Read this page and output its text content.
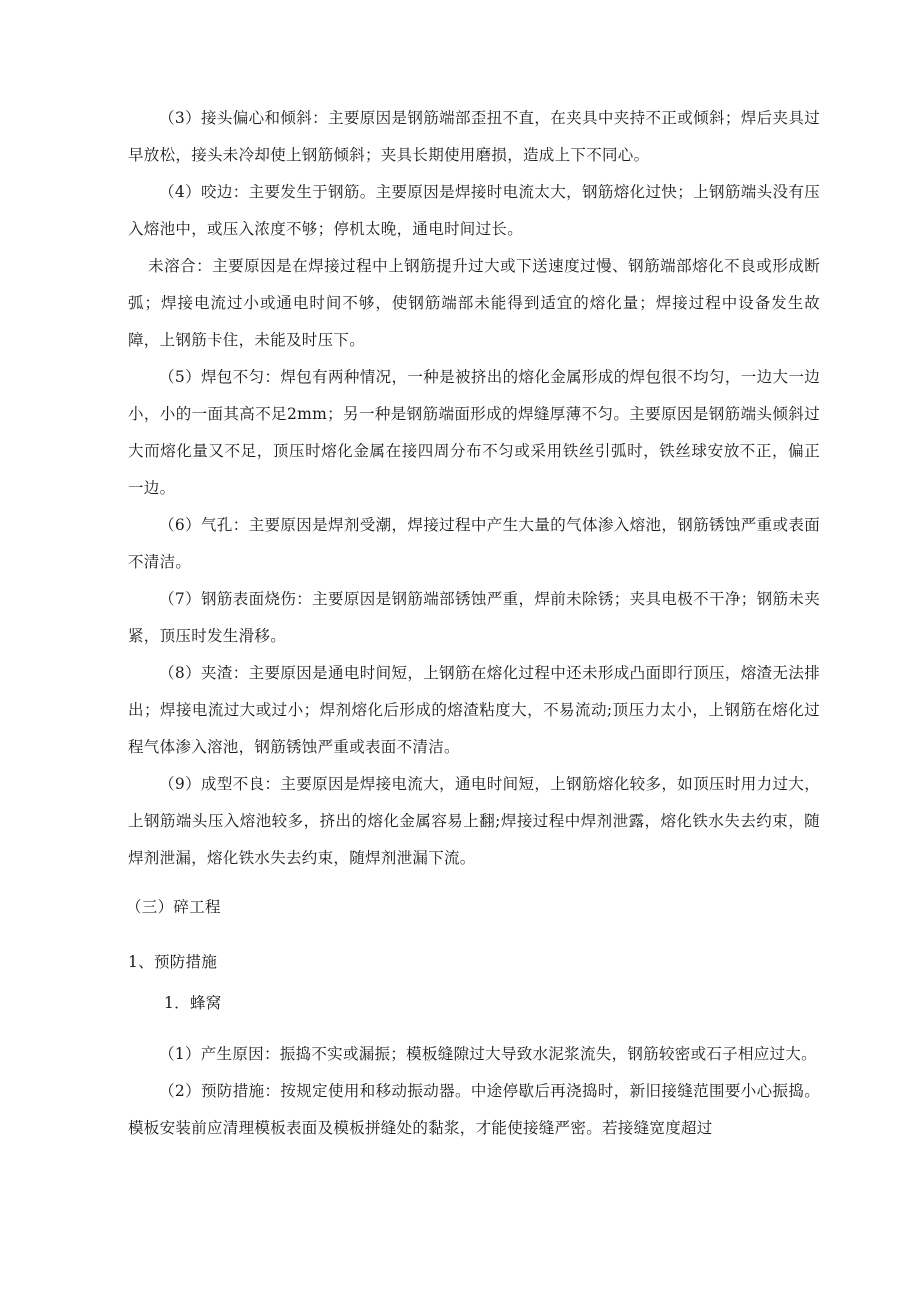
（3）接头偏心和倾斜：主要原因是钢筋端部歪扭不直，在夹具中夹持不正或倾斜；焊后夹具过早放松，接头未冷却使上钢筋倾斜；夹具长期使用磨损，造成上下不同心。

（4）咬边：主要发生于钢筋。主要原因是焊接时电流太大，钢筋熔化过快；上钢筋端头没有压入熔池中，或压入浓度不够；停机太晚，通电时间过长。

未溶合：主要原因是在焊接过程中上钢筋提升过大或下送速度过慢、钢筋端部熔化不良或形成断弧；焊接电流过小或通电时间不够，使钢筋端部未能得到适宜的熔化量；焊接过程中设备发生故障，上钢筋卡住，未能及时压下。

（5）焊包不匀：焊包有两种情况，一种是被挤出的熔化金属形成的焊包很不均匀，一边大一边小，小的一面其高不足2mm；另一种是钢筋端面形成的焊缝厚薄不匀。主要原因是钢筋端头倾斜过大而熔化量又不足，顶压时熔化金属在接四周分布不匀或采用铁丝引弧时，铁丝球安放不正，偏正一边。

（6）气孔：主要原因是焊剂受潮，焊接过程中产生大量的气体渗入熔池，钢筋锈蚀严重或表面不清洁。

（7）钢筋表面烧伤：主要原因是钢筋端部锈蚀严重，焊前未除锈；夹具电极不干净；钢筋未夹紧，顶压时发生滑移。

（8）夹渣：主要原因是通电时间短，上钢筋在熔化过程中还未形成凸面即行顶压，熔渣无法排出；焊接电流过大或过小；焊剂熔化后形成的熔渣粘度大，不易流动;顶压力太小，上钢筋在熔化过程气体渗入溶池，钢筋锈蚀严重或表面不清洁。

（9）成型不良：主要原因是焊接电流大，通电时间短，上钢筋熔化较多，如顶压时用力过大，上钢筋端头压入熔池较多，挤出的熔化金属容易上翻;焊接过程中焊剂泄露，熔化铁水失去约束，随焊剂泄漏，熔化铁水失去约束，随焊剂泄漏下流。

（三）碎工程

1、预防措施

1．蜂窝

（1）产生原因：振捣不实或漏振；模板缝隙过大导致水泥浆流失，钢筋较密或石子相应过大。

（2）预防措施：按规定使用和移动振动器。中途停歇后再浇捣时，新旧接缝范围要小心振捣。模板安装前应清理模板表面及模板拼缝处的黏浆，才能使接缝严密。若接缝宽度超过
